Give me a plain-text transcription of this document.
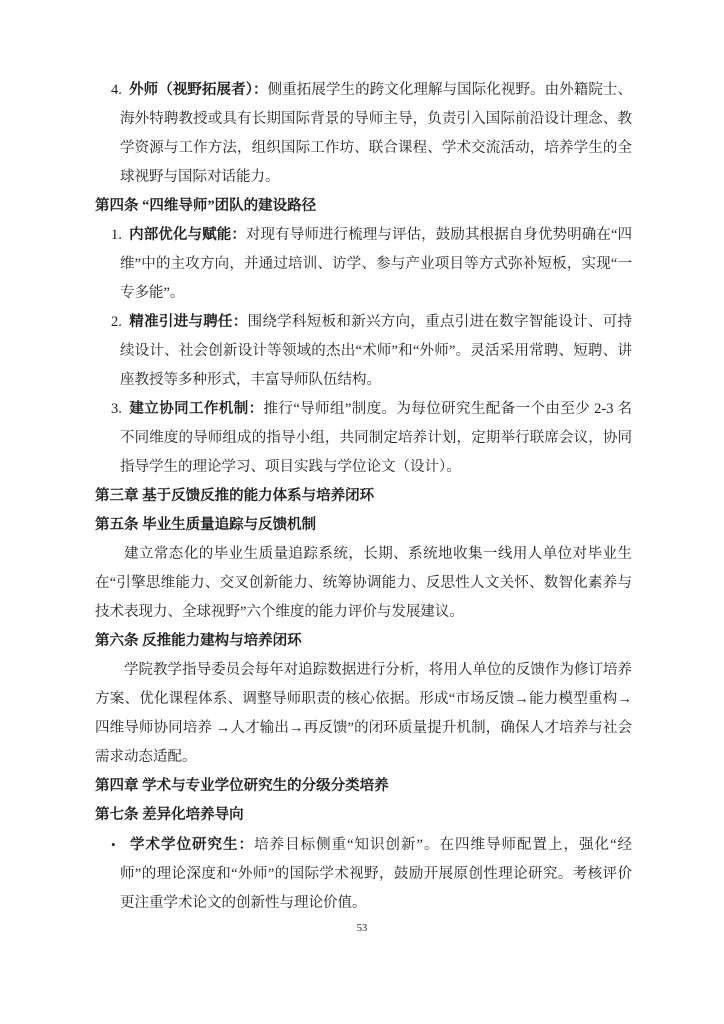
4. 外师（视野拓展者）：侧重拓展学生的跨文化理解与国际化视野。由外籍院士、海外特聘教授或具有长期国际背景的导师主导，负责引入国际前沿设计理念、教学资源与工作方法，组织国际工作坊、联合课程、学术交流活动，培养学生的全球视野与国际对话能力。
第四条 “四维导师”团队的建设路径
1. 内部优化与赋能：对现有导师进行梳理与评估，鼓励其根据自身优势明确在“四维”中的主攻方向，并通过培训、访学、参与产业项目等方式弥补短板，实现“一专多能”。
2. 精准引进与聘任：围绕学科短板和新兴方向，重点引进在数字智能设计、可持续设计、社会创新设计等领域的杰出“术师”和“外师”。灵活采用常聘、短聘、讲座教授等多种形式，丰富导师队伍结构。
3. 建立协同工作机制：推行“导师组”制度。为每位研究生配备一个由至少 2-3 名不同维度的导师组成的指导小组，共同制定培养计划，定期举行联席会议，协同指导学生的理论学习、项目实践与学位论文（设计）。
第三章 基于反馈反推的能力体系与培养闭环
第五条 毕业生质量追踪与反馈机制
建立常态化的毕业生质量追踪系统，长期、系统地收集一线用人单位对毕业生在“引擎思维能力、交叉创新能力、统筹协调能力、反思性人文关怀、数智化素养与技术表现力、全球视野”六个维度的能力评价与发展建议。
第六条 反推能力建构与培养闭环
学院教学指导委员会每年对追踪数据进行分析，将用人单位的反馈作为修订培养方案、优化课程体系、调整导师职责的核心依据。形成“市场反馈→能力模型重构→四维导师协同培养 →人才输出→再反馈”的闭环质量提升机制，确保人才培养与社会需求动态适配。
第四章 学术与专业学位研究生的分级分类培养
第七条 差异化培养导向
• 学术学位研究生：培养目标侧重“知识创新”。在四维导师配置上，强化“经师”的理论深度和“外师”的国际学术视野，鼓励开展原创性理论研究。考核评价更注重学术论文的创新性与理论价值。
53
